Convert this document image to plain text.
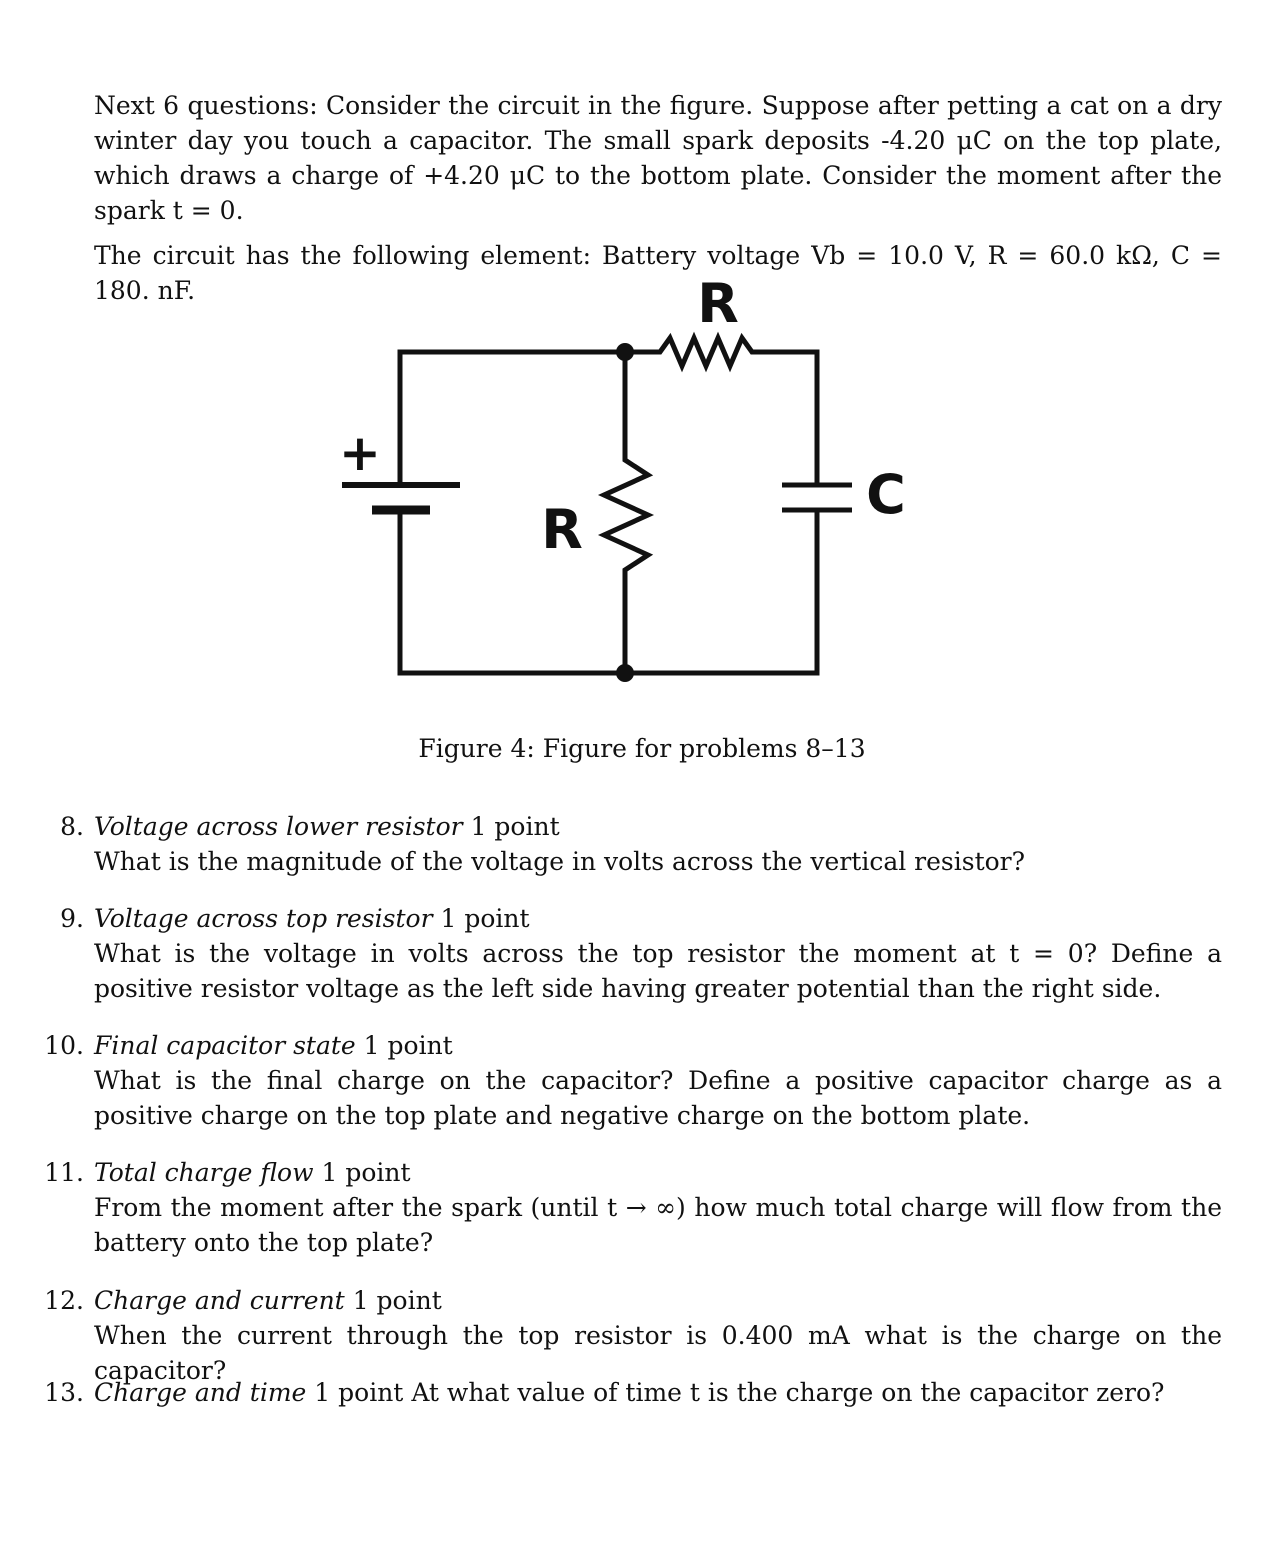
Next 6 questions: Consider the circuit in the figure. Suppose after petting a cat on a dry winter day you touch a capacitor. The small spark deposits -4.20 μC on the top plate, which draws a charge of +4.20 μC to the bottom plate. Consider the moment after the spark t = 0.

The circuit has the following element: Battery voltage Vb = 10.0 V, R = 60.0 kΩ, C = 180. nF.	R
R
C
+
Figure 4: Figure for problems 8–13
8. Voltage across lower resistor 1 point

What is the magnitude of the voltage in volts across the vertical resistor?

9. Voltage across top resistor 1 point

What is the voltage in volts across the top resistor the moment at t = 0? Define a positive resistor voltage as the left side having greater potential than the right side.

10. Final capacitor state 1 point

What is the final charge on the capacitor? Define a positive capacitor charge as a positive charge on the top plate and negative charge on the bottom plate.

11. Total charge flow 1 point

From the moment after the spark (until t → ∞) how much total charge will flow from the battery onto the top plate?

12. Charge and current 1 point

When the current through the top resistor is 0.400 mA what is the charge on the capacitor?

13. Charge and time 1 point At what value of time t is the charge on the capacitor zero?
